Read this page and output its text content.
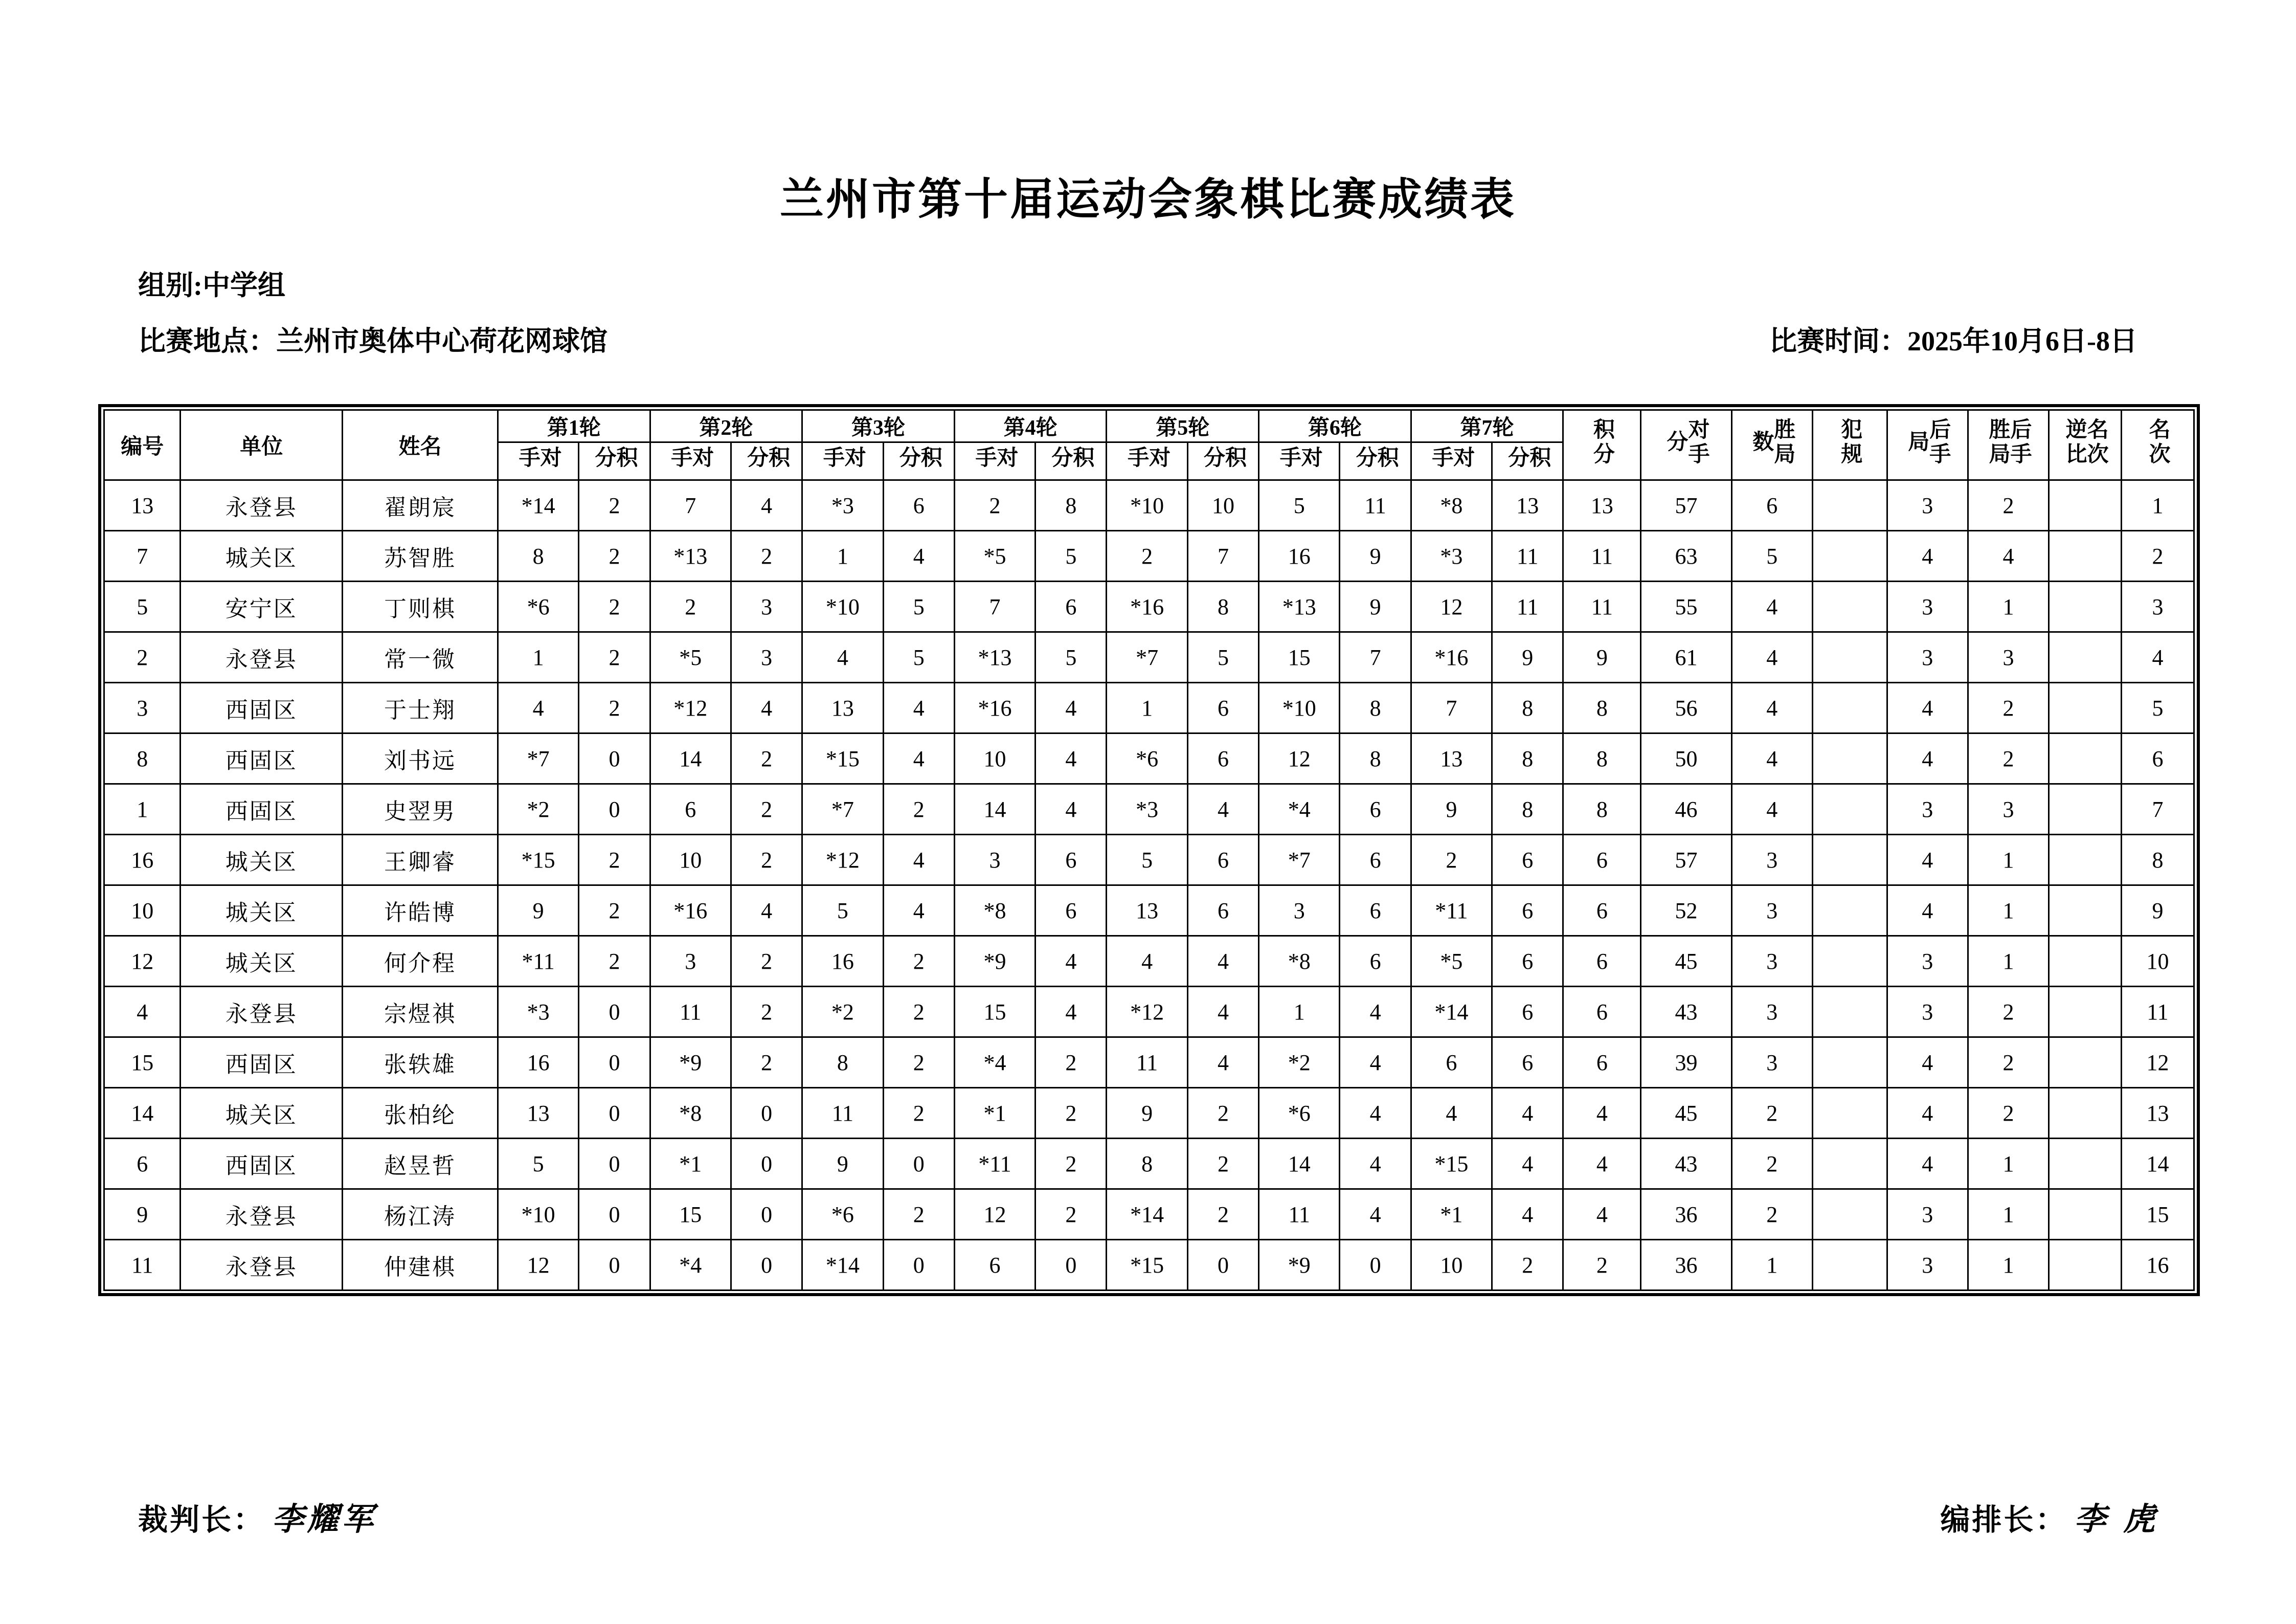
兰州市第十届运动会象棋比赛成绩表
组别:中学组
比赛地点：兰州市奥体中心荷花网球馆	比赛时间：2025年10月6日-8日
编号	单位	姓名	第1轮		第2轮		第3轮		第4轮		第5轮		第6轮		第7轮		积分	对手分	胜局数	犯规	后手局	后手胜局	名次逆比	名次
			对手	积分	对手	积分	对手	积分	对手	积分	对手	积分	对手	积分	对手	积分								
13	永登县	翟朗宸	*14	2	7	4	*3	6	2	8	*10	10	5	11	*8	13	13	57	6		3	2		1
7	城关区	苏智胜	8	2	*13	2	1	4	*5	5	2	7	16	9	*3	11	11	63	5		4	4		2
5	安宁区	丁则棋	*6	2	2	3	*10	5	7	6	*16	8	*13	9	12	11	11	55	4		3	1		3
2	永登县	常一微	1	2	*5	3	4	5	*13	5	*7	5	15	7	*16	9	9	61	4		3	3		4
3	西固区	于士翔	4	2	*12	4	13	4	*16	4	1	6	*10	8	7	8	8	56	4		4	2		5
8	西固区	刘书远	*7	0	14	2	*15	4	10	4	*6	6	12	8	13	8	8	50	4		4	2		6
1	西固区	史翌男	*2	0	6	2	*7	2	14	4	*3	4	*4	6	9	8	8	46	4		3	3		7
16	城关区	王卿睿	*15	2	10	2	*12	4	3	6	5	6	*7	6	2	6	6	57	3		4	1		8
10	城关区	许皓博	9	2	*16	4	5	4	*8	6	13	6	3	6	*11	6	6	52	3		4	1		9
12	城关区	何介程	*11	2	3	2	16	2	*9	4	4	4	*8	6	*5	6	6	45	3		3	1		10
4	永登县	宗煜祺	*3	0	11	2	*2	2	15	4	*12	4	1	4	*14	6	6	43	3		3	2		11
15	西固区	张轶雄	16	0	*9	2	8	2	*4	2	11	4	*2	4	6	6	6	39	3		4	2		12
14	城关区	张柏纶	13	0	*8	0	11	2	*1	2	9	2	*6	4	4	4	4	45	2		4	2		13
6	西固区	赵昱哲	5	0	*1	0	9	0	*11	2	8	2	14	4	*15	4	4	43	2		4	1		14
9	永登县	杨江涛	*10	0	15	0	*6	2	12	2	*14	2	11	4	*1	4	4	36	2		3	1		15
11	永登县	仲建棋	12	0	*4	0	*14	0	6	0	*15	0	*9	0	10	2	2	36	1		3	1		16
裁判长： 李耀军	编排长： 李 虎
